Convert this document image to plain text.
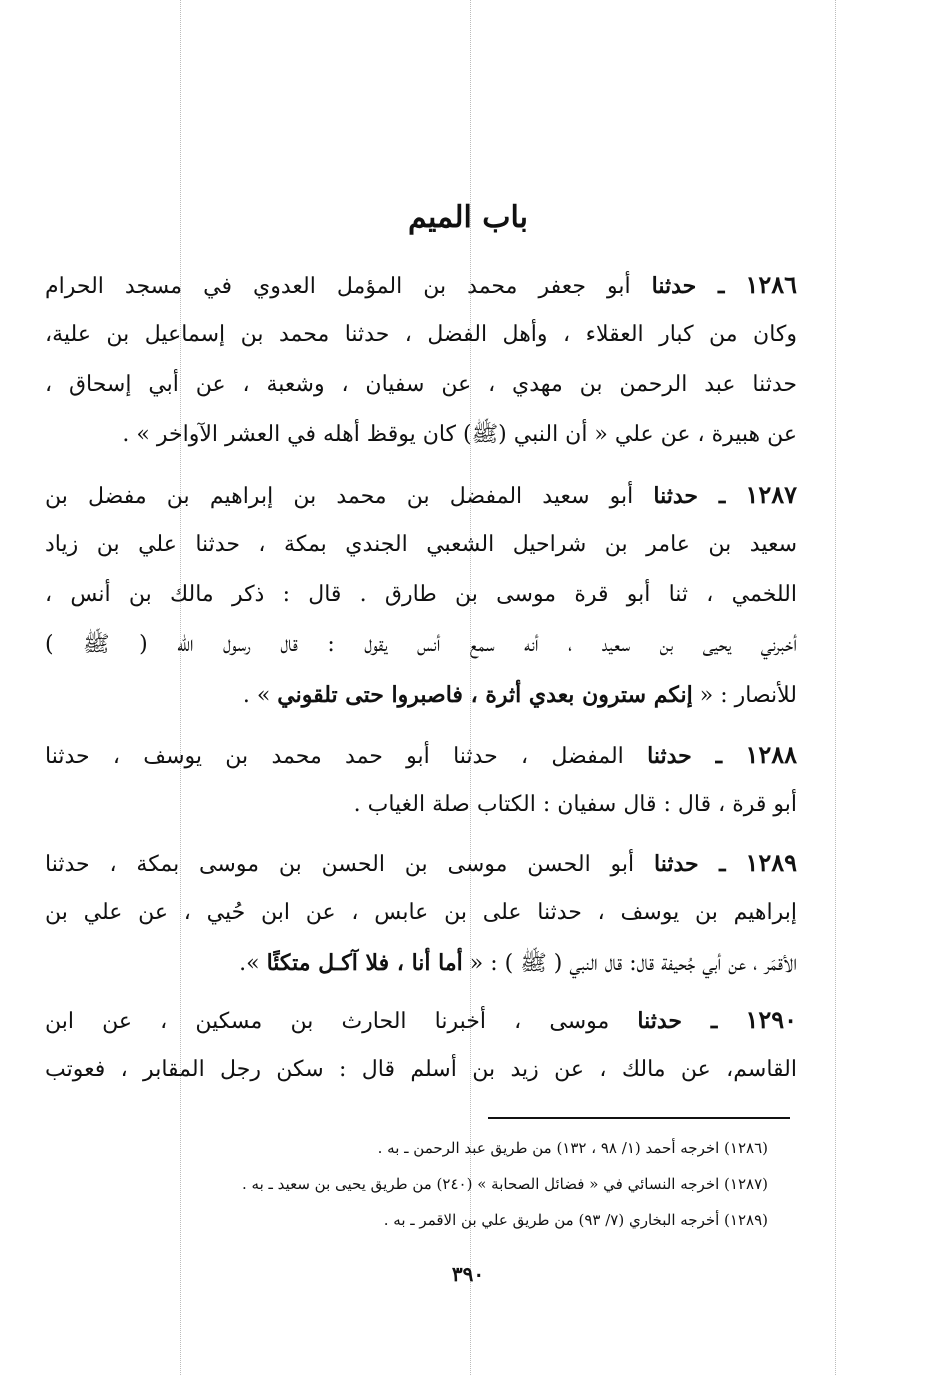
باب الميم
١٢٨٦ ـ حدثنا أبو جعفر محمد بن المؤمل العدوي في مسجد الحرام
وكان من كبار العقلاء ، وأهل الفضل ، حدثنا محمد بن إسماعيل بن علية،
حدثنا عبد الرحمن بن مهدي ، عن سفيان ، وشعبة ، عن أبي إسحاق ،
عن هبيرة ، عن علي « أن النبي (ﷺ) كان يوقظ أهله في العشر الآواخر » .
١٢٨٧ ـ حدثنا أبو سعيد المفضل بن محمد بن إبراهيم بن مفضل بن
سعيد بن عامر بن شراحيل الشعبي الجندي بمكة ، حدثنا علي بن زياد
اللخمي ، ثنا أبو قرة موسى بن طارق . قال : ذكر مالك بن أنس ،
أخبرني يحيى بن سعيد ، أنه سمع أنس يقول : قال رسول الله ( ﷺ )
للأنصار : « إنكم سترون بعدي أثرة ، فاصبروا حتى تلقوني » .
١٢٨٨ ـ حدثنا المفضل ، حدثنا أبو حمد محمد بن يوسف ، حدثنا
أبو قرة ، قال : قال سفيان : الكتاب صلة الغياب .
١٢٨٩ ـ حدثنا أبو الحسن موسى بن الحسن بن موسى بمكة ، حدثنا
إبراهيم بن يوسف ، حدثنا على بن عابس ، عن ابن حُيي ، عن علي بن
الأقمَر ، عن أبي جُحيفة قال: قال النبي ( ﷺ ) : « أما أنا ، فلا آكـل متكئًا ».
١٢٩٠ ـ حدثنا موسى ، أخبرنا الحارث بن مسكين ، عن ابن
القاسم، عن مالك ، عن زيد بن أسلم قال : سكن رجل المقابر ، فعوتب
(١٢٨٦) اخرجه أحمد (١/ ٩٨ ، ١٣٢) من طريق عبد الرحمن ـ به .
(١٢٨٧) اخرجه النسائي في « فضائل الصحابة » (٢٤٠) من طريق يحيى بن سعيد ـ به .
(١٢٨٩) أخرجه البخاري (٧/ ٩٣) من طريق علي بن الاقمر ـ به .
٣٩٠
